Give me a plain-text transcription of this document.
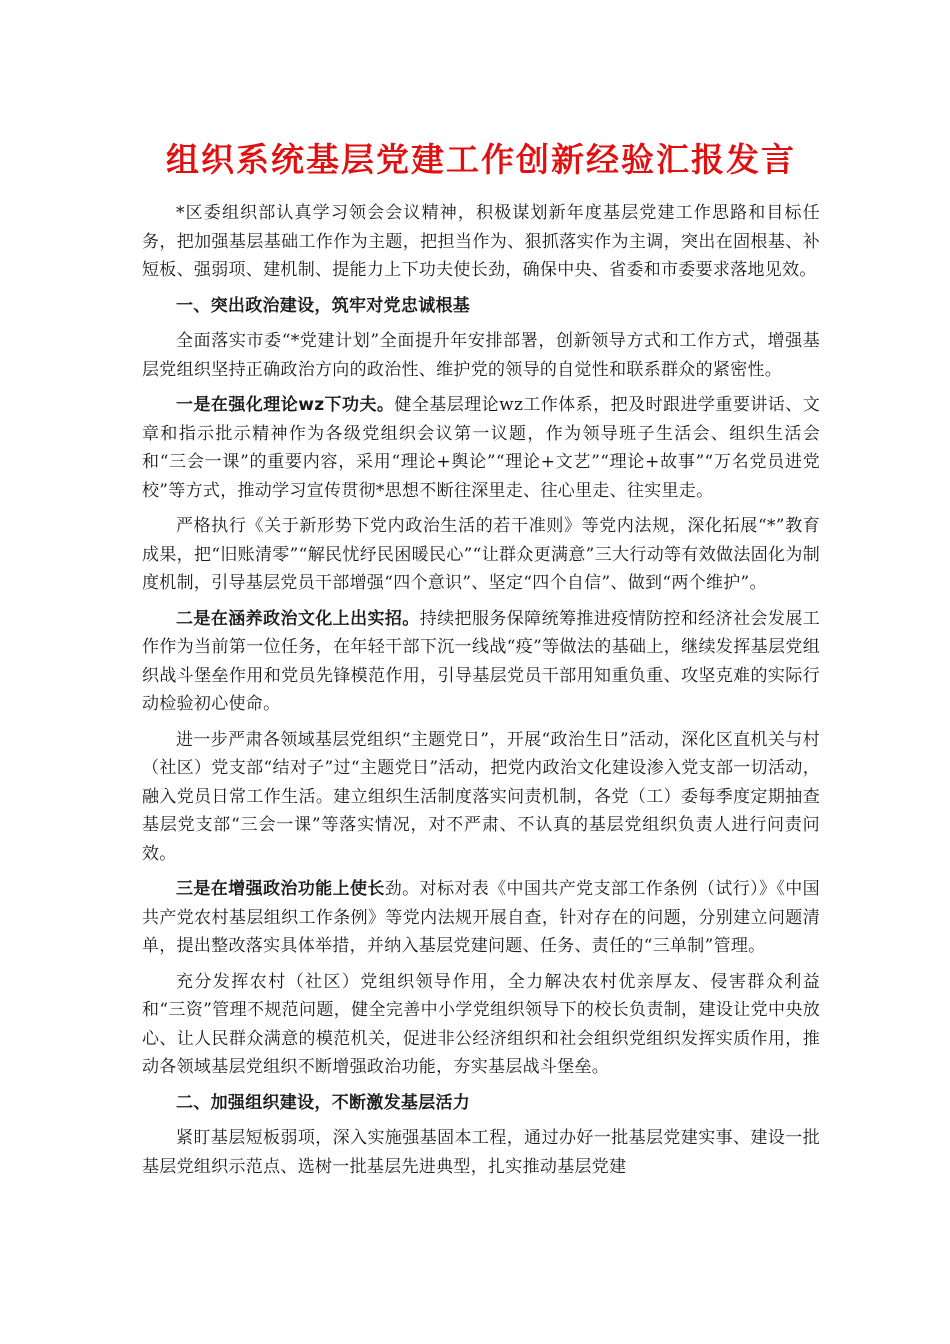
组织系统基层党建工作创新经验汇报发言

*区委组织部认真学习领会会议精神，积极谋划新年度基层党建工作思路和目标任务，把加强基层基础工作作为主题，把担当作为、狠抓落实作为主调，突出在固根基、补短板、强弱项、建机制、提能力上下功夫使长劲，确保中央、省委和市委要求落地见效。

一、突出政治建设，筑牢对党忠诚根基

全面落实市委“*党建计划”全面提升年安排部署，创新领导方式和工作方式，增强基层党组织坚持正确政治方向的政治性、维护党的领导的自觉性和联系群众的紧密性。

一是在强化理论wz下功夫。健全基层理论wz工作体系，把及时跟进学重要讲话、文章和指示批示精神作为各级党组织会议第一议题，作为领导班子生活会、组织生活会和“三会一课”的重要内容，采用“理论+舆论”“理论+文艺”“理论+故事”“万名党员进党校”等方式，推动学习宣传贯彻*思想不断往深里走、往心里走、往实里走。

严格执行《关于新形势下党内政治生活的若干准则》等党内法规，深化拓展“*”教育成果，把“旧账清零”“解民忧纾民困暖民心”“让群众更满意”三大行动等有效做法固化为制度机制，引导基层党员干部增强“四个意识”、坚定“四个自信”、做到“两个维护”。

二是在涵养政治文化上出实招。持续把服务保障统筹推进疫情防控和经济社会发展工作作为当前第一位任务，在年轻干部下沉一线战“疫”等做法的基础上，继续发挥基层党组织战斗堡垒作用和党员先锋模范作用，引导基层党员干部用知重负重、攻坚克难的实际行动检验初心使命。

进一步严肃各领域基层党组织“主题党日”，开展“政治生日”活动，深化区直机关与村（社区）党支部“结对子”过“主题党日”活动，把党内政治文化建设渗入党支部一切活动，融入党员日常工作生活。建立组织生活制度落实问责机制，各党（工）委每季度定期抽查基层党支部“三会一课”等落实情况，对不严肃、不认真的基层党组织负责人进行问责问效。

三是在增强政治功能上使长劲。对标对表《中国共产党支部工作条例（试行）》《中国共产党农村基层组织工作条例》等党内法规开展自查，针对存在的问题，分别建立问题清单，提出整改落实具体举措，并纳入基层党建问题、任务、责任的“三单制”管理。

充分发挥农村（社区）党组织领导作用，全力解决农村优亲厚友、侵害群众利益和“三资”管理不规范问题，健全完善中小学党组织领导下的校长负责制，建设让党中央放心、让人民群众满意的模范机关，促进非公经济组织和社会组织党组织发挥实质作用，推动各领域基层党组织不断增强政治功能，夯实基层战斗堡垒。

二、加强组织建设，不断激发基层活力

紧盯基层短板弱项，深入实施强基固本工程，通过办好一批基层党建实事、建设一批基层党组织示范点、选树一批基层先进典型，扎实推动基层党建
